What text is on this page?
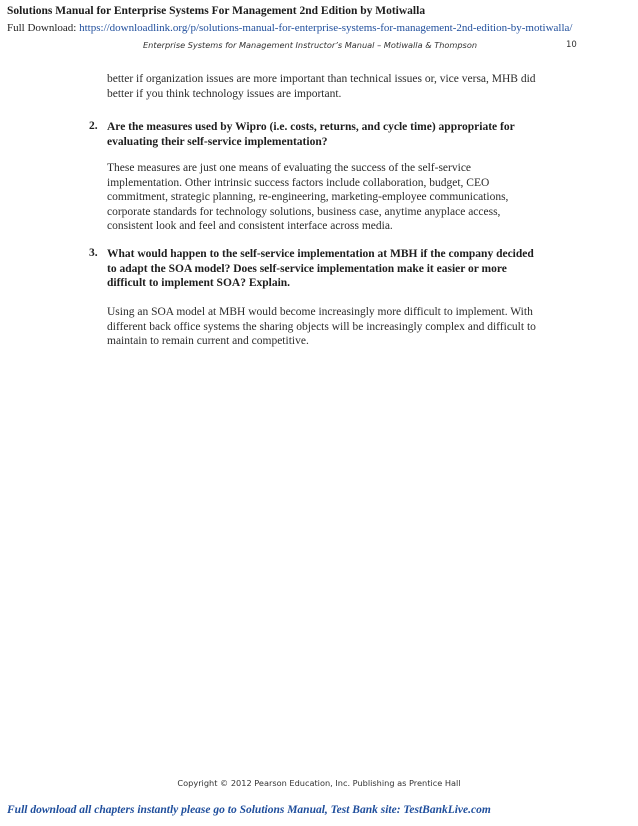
Solutions Manual for Enterprise Systems For Management 2nd Edition by Motiwalla
Full Download: https://downloadlink.org/p/solutions-manual-for-enterprise-systems-for-management-2nd-edition-by-motiwalla/
Enterprise Systems for Management Instructor’s Manual – Motiwalla & Thompson	10

better if organization issues are more important than technical issues or, vice versa, MHB did

better if you think technology issues are important.

2. Are the measures used by Wipro (i.e. costs, returns, and cycle time) appropriate for

evaluating their self-service implementation?

These measures are just one means of evaluating the success of the self-service

implementation. Other intrinsic success factors include collaboration, budget, CEO

commitment, strategic planning, re-engineering, marketing-employee communications,

corporate standards for technology solutions, business case, anytime anyplace access,

consistent look and feel and consistent interface across media.

3. What would happen to the self-service implementation at MBH if the company decided

to adapt the SOA model? Does self-service implementation make it easier or more

difficult to implement SOA? Explain.

Using an SOA model at MBH would become increasingly more difficult to implement. With

different back office systems the sharing objects will be increasingly complex and difficult to

maintain to remain current and competitive.

Copyright © 2012 Pearson Education, Inc. Publishing as Prentice Hall
Full download all chapters instantly please go to Solutions Manual, Test Bank site: TestBankLive.com
